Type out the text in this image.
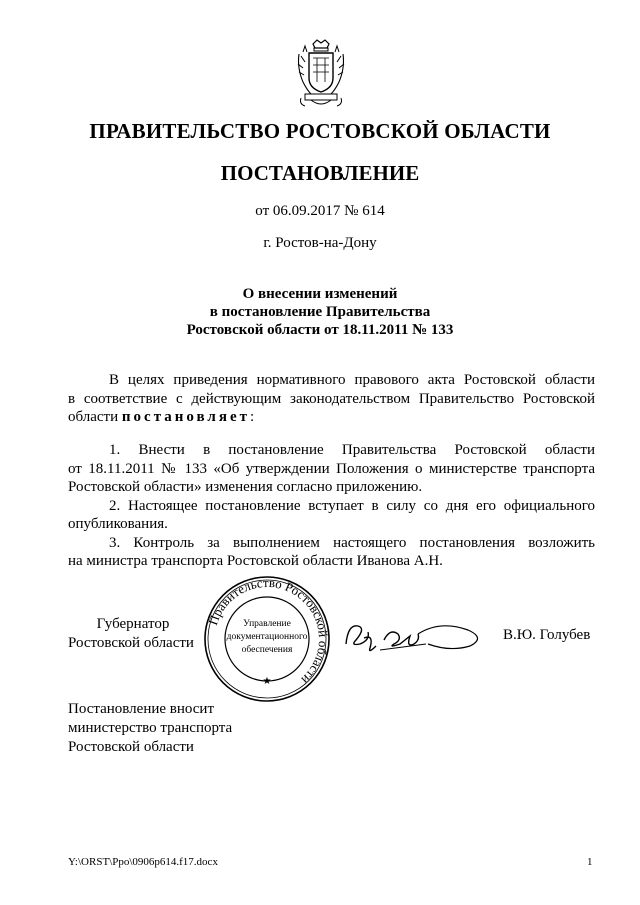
ПРАВИТЕЛЬСТВО РОСТОВСКОЙ ОБЛАСТИ
ПОСТАНОВЛЕНИЕ
от 06.09.2017 № 614
г. Ростов-на-Дону
О внесении изменений
в постановление Правительства
Ростовской области от 18.11.2011 № 133
В целях приведения нормативного правового акта Ростовской области
в соответствие с действующим законодательством Правительство Ростовской
области постановляет:
1. Внести в постановление Правительства Ростовской области
от 18.11.2011 № 133 «Об утверждении Положения о министерстве транспорта
Ростовской области» изменения согласно приложению.
2. Настоящее постановление вступает в силу со дня его официального
опубликования.
3. Контроль за выполнением настоящего постановления возложить
на министра транспорта Ростовской области Иванова А.Н.
Губернатор
Ростовской области
Правительство Ростовской области
★
Управление
документационного
обеспечения
В.Ю. Голубев
Постановление вносит
министерство транспорта
Ростовской области
Y:\ORST\Ppo\0906p614.f17.docx	1
